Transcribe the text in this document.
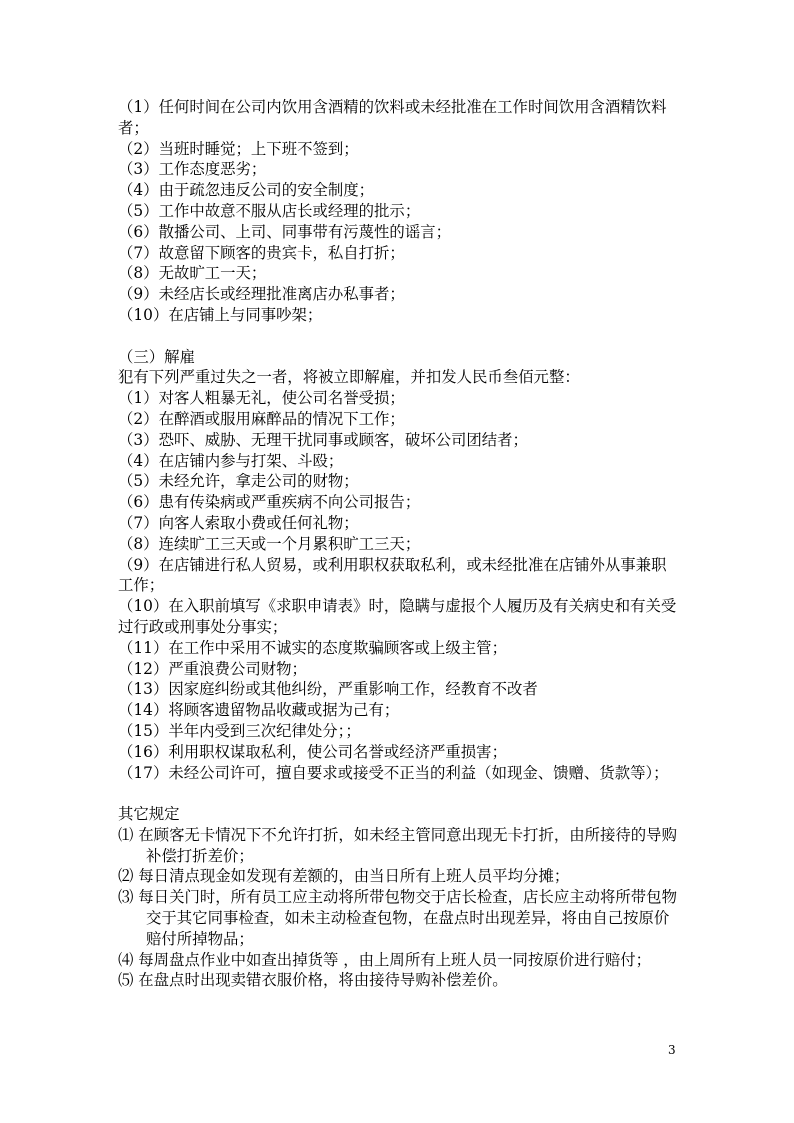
（1）任何时间在公司内饮用含酒精的饮料或未经批准在工作时间饮用含酒精饮料者；
（2）当班时睡觉；上下班不签到；
（3）工作态度恶劣；
（4）由于疏忽违反公司的安全制度；
（5）工作中故意不服从店长或经理的批示；
（6）散播公司、上司、同事带有污蔑性的谣言；
（7）故意留下顾客的贵宾卡，私自打折；
（8）无故旷工一天；
（9）未经店长或经理批准离店办私事者；
（10）在店铺上与同事吵架；
（三）解雇
犯有下列严重过失之一者，将被立即解雇，并扣发人民币叁佰元整：
（1）对客人粗暴无礼，使公司名誉受损；
（2）在醉酒或服用麻醉品的情况下工作；
（3）恐吓、威胁、无理干扰同事或顾客，破坏公司团结者；
（4）在店铺内参与打架、斗殴；
（5）未经允许，拿走公司的财物；
（6）患有传染病或严重疾病不向公司报告；
（7）向客人索取小费或任何礼物；
（8）连续旷工三天或一个月累积旷工三天；
（9）在店铺进行私人贸易，或利用职权获取私利，或未经批准在店铺外从事兼职工作；
（10）在入职前填写《求职申请表》时，隐瞒与虚报个人履历及有关病史和有关受过行政或刑事处分事实；
（11）在工作中采用不诚实的态度欺骗顾客或上级主管；
（12）严重浪费公司财物；
（13）因家庭纠纷或其他纠纷，严重影响工作，经教育不改者
（14）将顾客遗留物品收藏或据为己有；
（15）半年内受到三次纪律处分；；
（16）利用职权谋取私利，使公司名誉或经济严重损害；
（17）未经公司许可，擅自要求或接受不正当的利益（如现金、馈赠、货款等）；
其它规定
⑴ 在顾客无卡情况下不允许打折，如未经主管同意出现无卡打折，由所接待的导购补偿打折差价；
⑵ 每日清点现金如发现有差额的，由当日所有上班人员平均分摊；
⑶ 每日关门时，所有员工应主动将所带包物交于店长检查，店长应主动将所带包物交于其它同事检查，如未主动检查包物，在盘点时出现差异，将由自己按原价赔付所掉物品；
⑷ 每周盘点作业中如查出掉货等 ，由上周所有上班人员一同按原价进行赔付；
⑸ 在盘点时出现卖错衣服价格，将由接待导购补偿差价。
3
